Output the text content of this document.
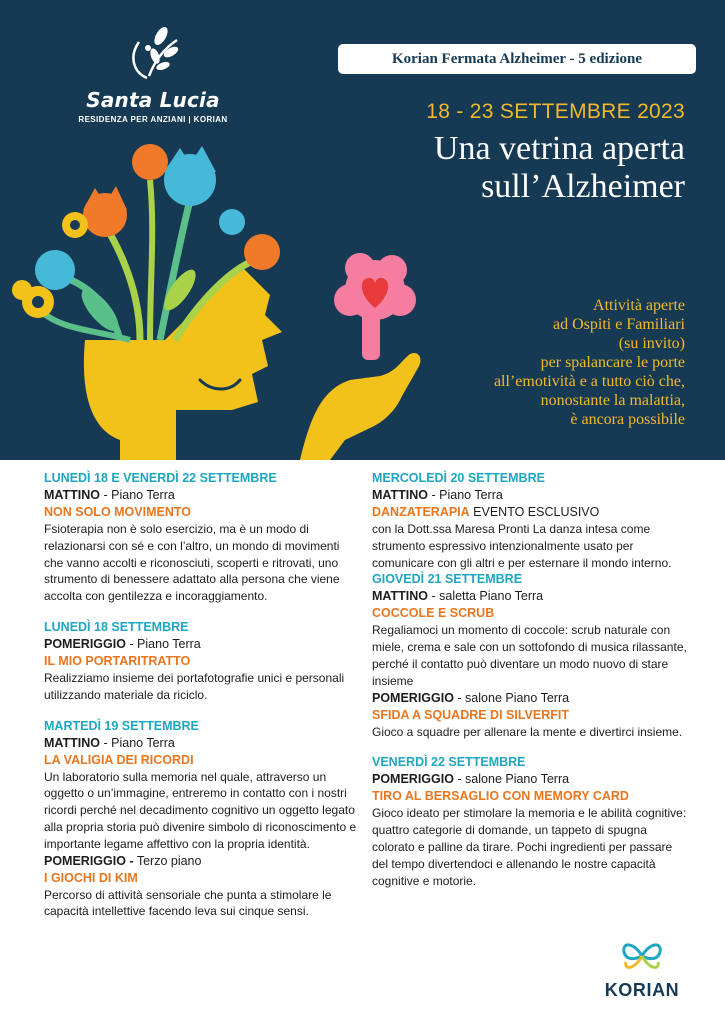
Santa Lucia
RESIDENZA PER ANZIANI | KORIAN
Korian Fermata Alzheimer - 5 edizione
18 - 23 SETTEMBRE 2023
Una vetrina aperta
sull’Alzheimer
Attività aperte
ad Ospiti e Familiari
(su invito)
per spalancare le porte
all’emotività e a tutto ciò che,
nonostante la malattia,
è ancora possibile
LUNEDÌ 18 E VENERDÌ 22 SETTEMBRE
MATTINO - Piano Terra
NON SOLO MOVIMENTO
Fsioterapia non è solo esercizio, ma è un modo di relazionarsi con sé e con l’altro, un mondo di movimenti che vanno accolti e riconosciuti, scoperti e ritrovati, uno strumento di benessere adattato alla persona che viene accolta con gentilezza e incoraggiamento.
LUNEDÌ 18 SETTEMBRE
POMERIGGIO - Piano Terra
IL MIO PORTARITRATTO
Realizziamo insieme dei portafotografie unici e personali utilizzando materiale da riciclo.
MARTEDÌ 19 SETTEMBRE
MATTINO - Piano Terra
LA VALIGIA DEI RICORDI
Un laboratorio sulla memoria nel quale, attraverso un oggetto o un’immagine, entreremo in contatto con i nostri ricordi perché nel decadimento cognitivo un oggetto legato alla propria storia può divenire simbolo di riconoscimento e importante legame affettivo con la propria identità.
POMERIGGIO - Terzo piano
I GIOCHI DI KIM
Percorso di attività sensoriale che punta a stimolare le capacità intellettive facendo leva sui cinque sensi.
MERCOLEDÌ 20 SETTEMBRE
MATTINO - Piano Terra
DANZATERAPIA EVENTO ESCLUSIVO
con la Dott.ssa Maresa Pronti La danza intesa come strumento espressivo intenzionalmente usato per comunicare con gli altri e per esternare il mondo interno.
GIOVEDÌ 21 SETTEMBRE
MATTINO - saletta Piano Terra
COCCOLE E SCRUB
Regaliamoci un momento di coccole: scrub naturale con miele, crema e sale con un sottofondo di musica rilassante, perché il contatto può diventare un modo nuovo di stare insieme
POMERIGGIO - salone Piano Terra
SFIDA A SQUADRE DI SILVERFIT
Gioco a squadre per allenare la mente e divertirci insieme.
VENERDÌ 22 SETTEMBRE
POMERIGGIO - salone Piano Terra
TIRO AL BERSAGLIO CON MEMORY CARD
Gioco ideato per stimolare la memoria e le abilità cognitive: quattro categorie di domande, un tappeto di spugna colorato e palline da tirare. Pochi ingredienti per passare del tempo divertendoci e allenando le nostre capacità cognitive e motorie.
KORIAN
